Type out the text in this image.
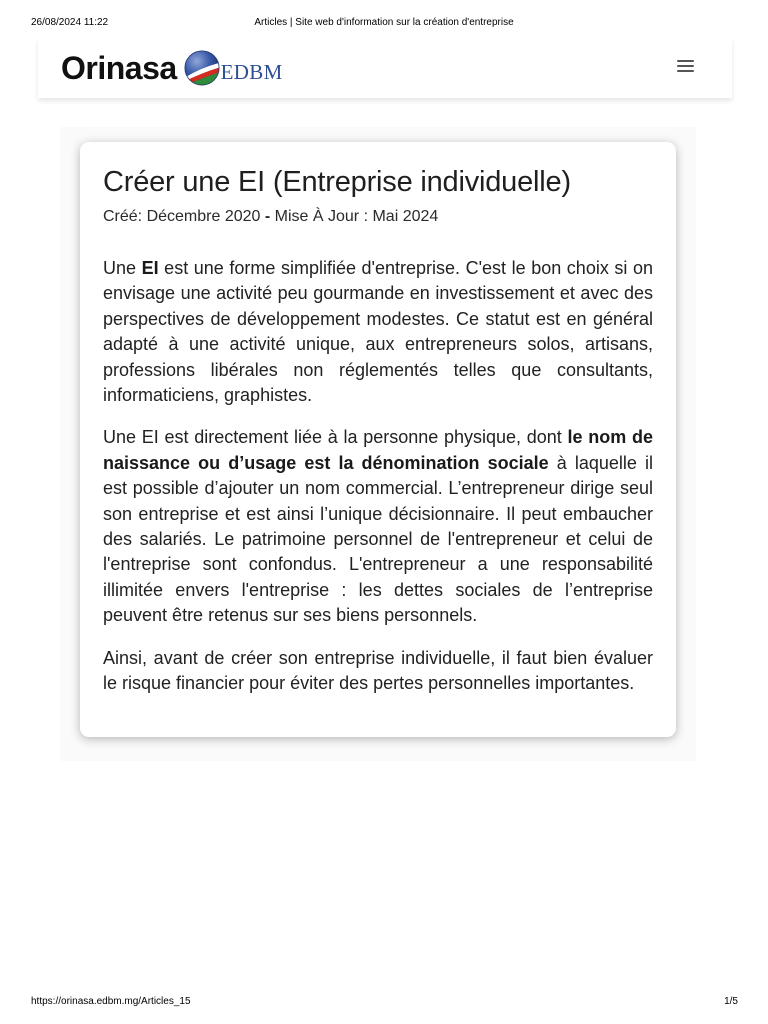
26/08/2024 11:22	Articles | Site web d'information sur la création d'entreprise
Orinasa EDBM
Créer une EI (Entreprise individuelle)

Créé: Décembre 2020 - Mise À Jour : Mai 2024

Une EI est une forme simplifiée d'entreprise. C'est le bon choix si on envisage une activité peu gourmande en investissement et avec des perspectives de développement modestes. Ce statut est en général adapté à une activité unique, aux entrepreneurs solos, artisans, professions libérales non réglementés telles que consultants, informaticiens, graphistes.

Une EI est directement liée à la personne physique, dont le nom de naissance ou d’usage est la dénomination sociale à laquelle il est possible d’ajouter un nom commercial. L’entrepreneur dirige seul son entreprise et est ainsi l’unique décisionnaire. Il peut embaucher des salariés. Le patrimoine personnel de l'entrepreneur et celui de l'entreprise sont confondus. L'entrepreneur a une responsabilité illimitée envers l'entreprise : les dettes sociales de l’entreprise peuvent être retenus sur ses biens personnels.

Ainsi, avant de créer son entreprise individuelle, il faut bien évaluer le risque financier pour éviter des pertes personnelles importantes.

https://orinasa.edbm.mg/Articles_15	1/5
